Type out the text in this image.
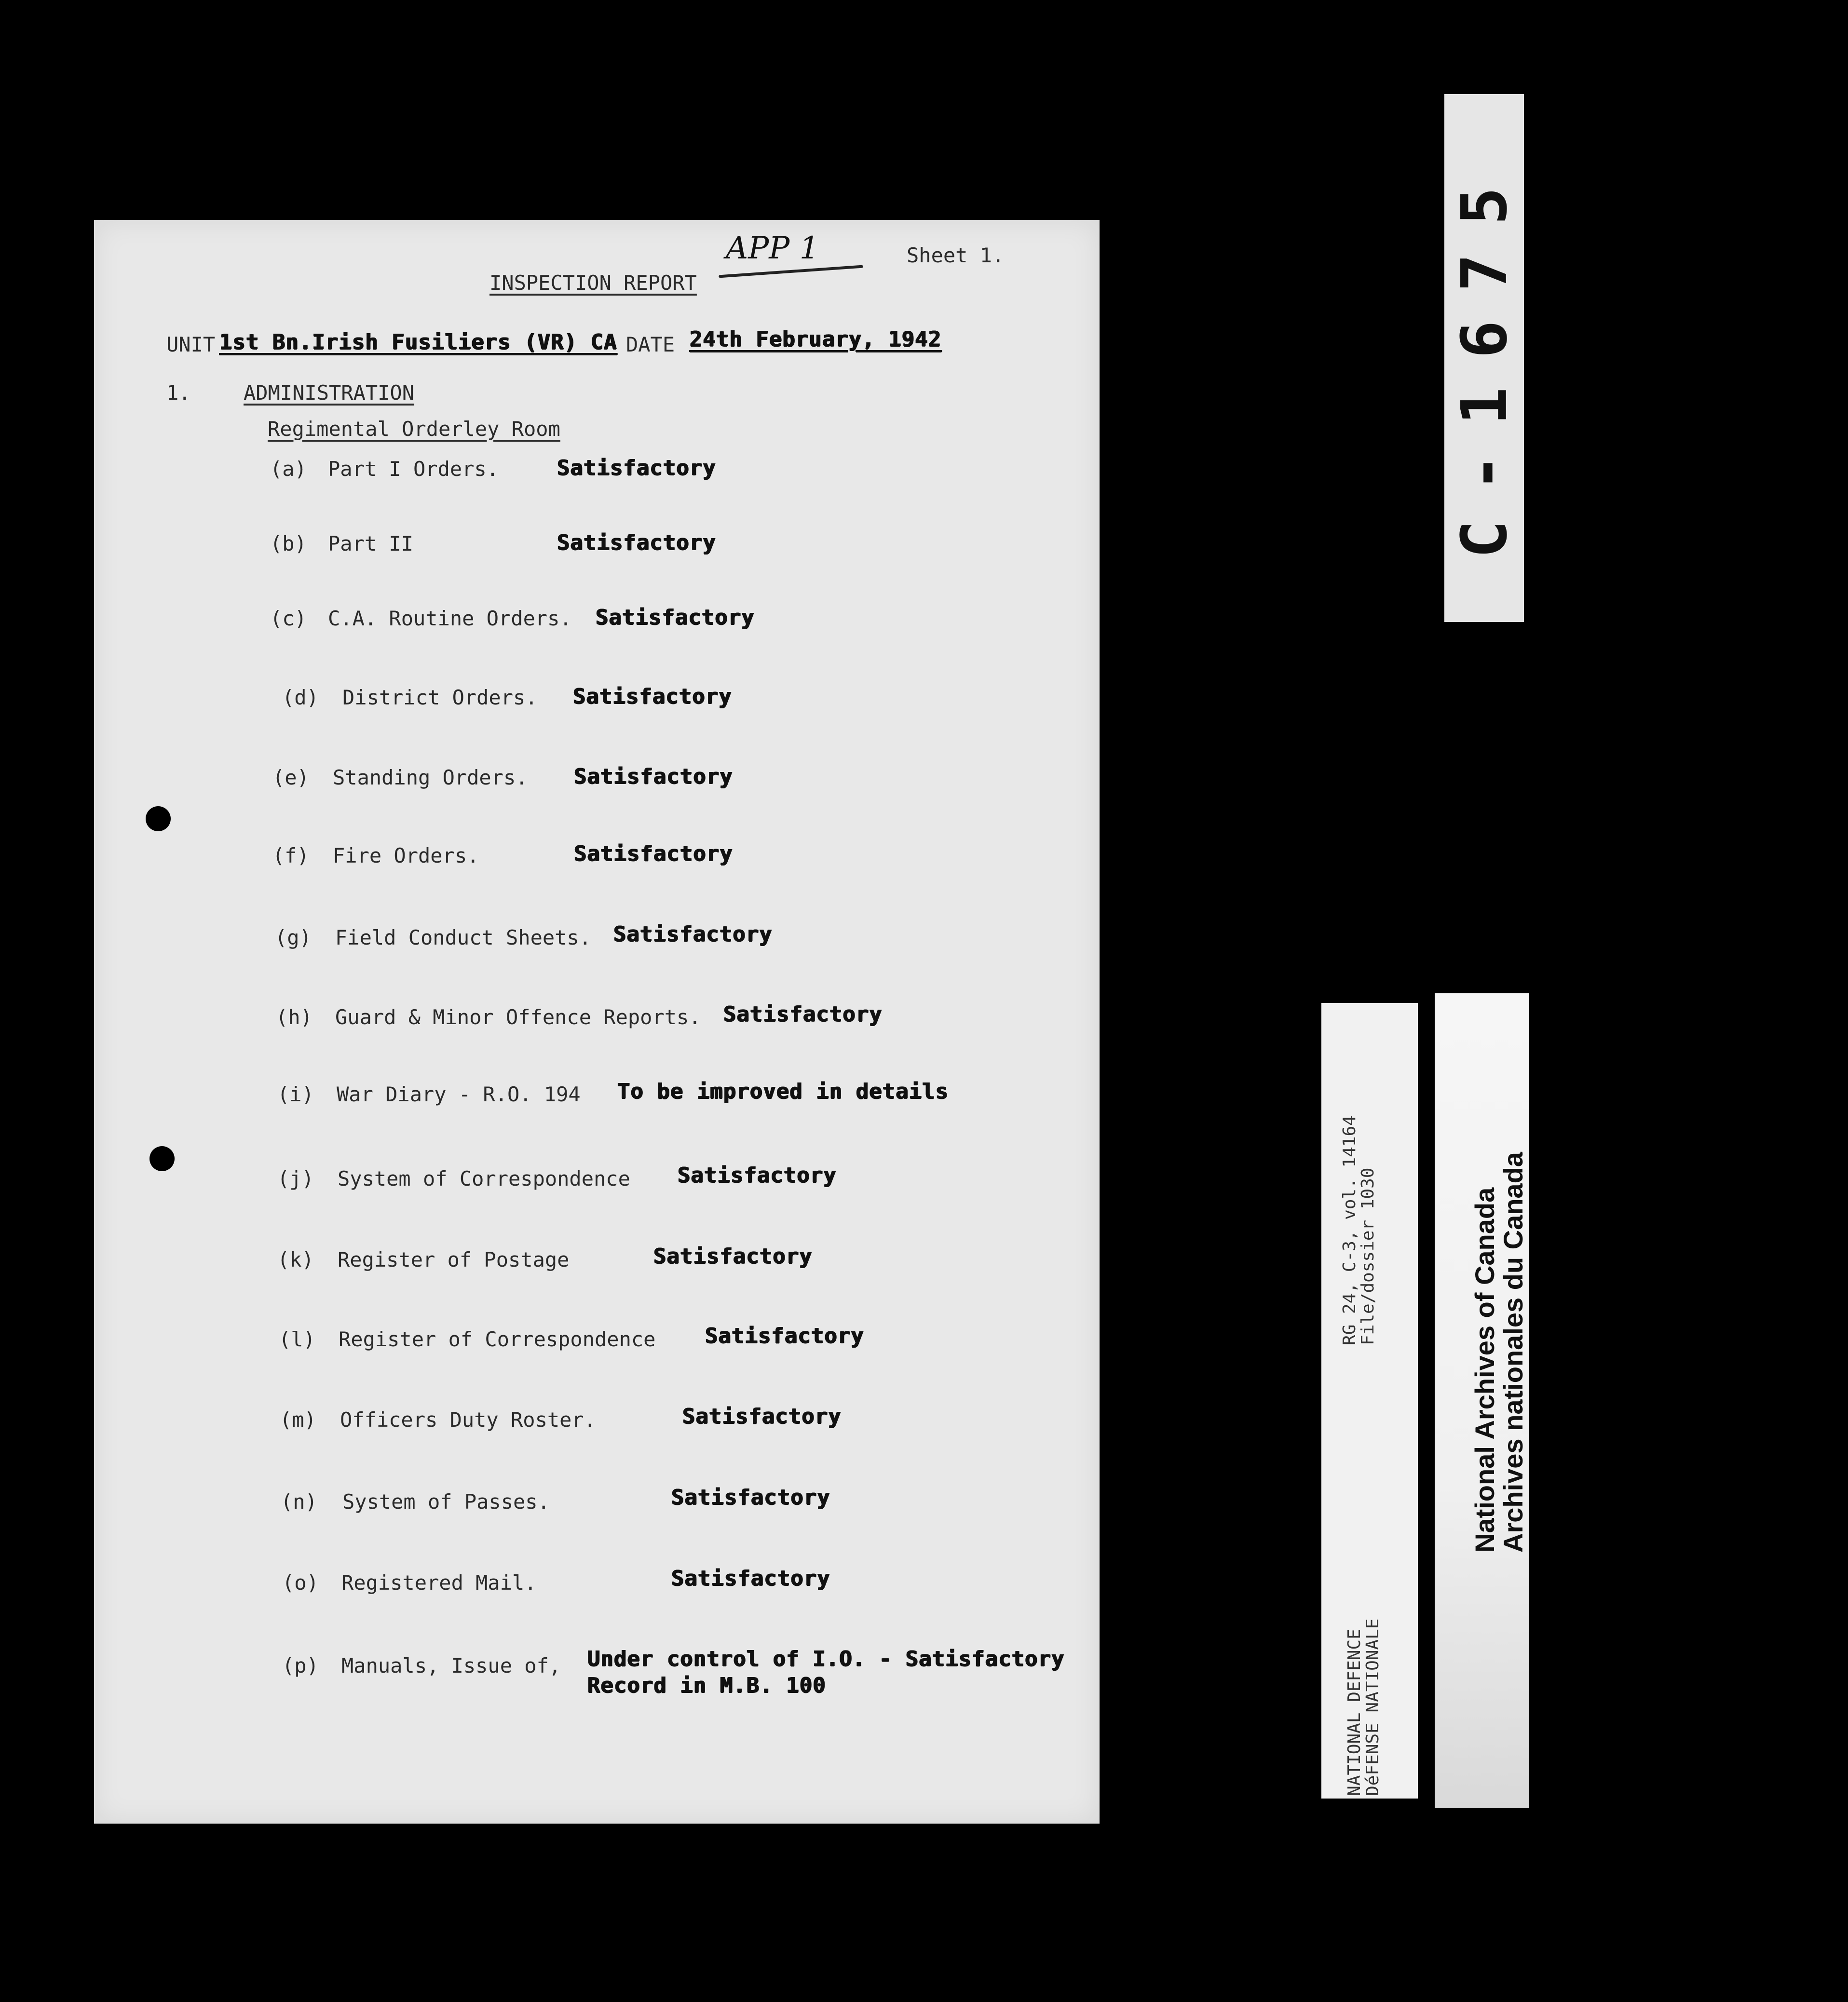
APP 1	Sheet 1.
INSPECTION REPORT
UNIT 1st Bn.Irish Fusiliers (VR) CA DATE 24th February, 1942
1.	ADMINISTRATION
Regimental Orderley Room
(a) Part I Orders.	Satisfactory
(b) Part II	Satisfactory
(c) C.A. Routine Orders. Satisfactory
(d) District Orders. Satisfactory
(e) Standing Orders. Satisfactory
(f) Fire Orders.	Satisfactory
(g) Field Conduct Sheets. Satisfactory
(h) Guard & Minor Offence Reports. Satisfactory
(i) War Diary - R.O. 194 To be improved in details
(j) System of Correspondence Satisfactory
(k) Register of Postage	Satisfactory
(l) Register of Correspondence Satisfactory
(m) Officers Duty Roster.	Satisfactory
(n) System of Passes.	Satisfactory
(o) Registered Mail.	Satisfactory
(p) Manuals, Issue of, Under control of I.O. - Satisfactory
Record in M.B. 100
C-1675
NATIONAL DEFENCE
DéFENSE NATIONALE
RG 24, C-3, vol. 14164
File/dossier 1030	National Archives of Canada
Archives nationales du Canada
